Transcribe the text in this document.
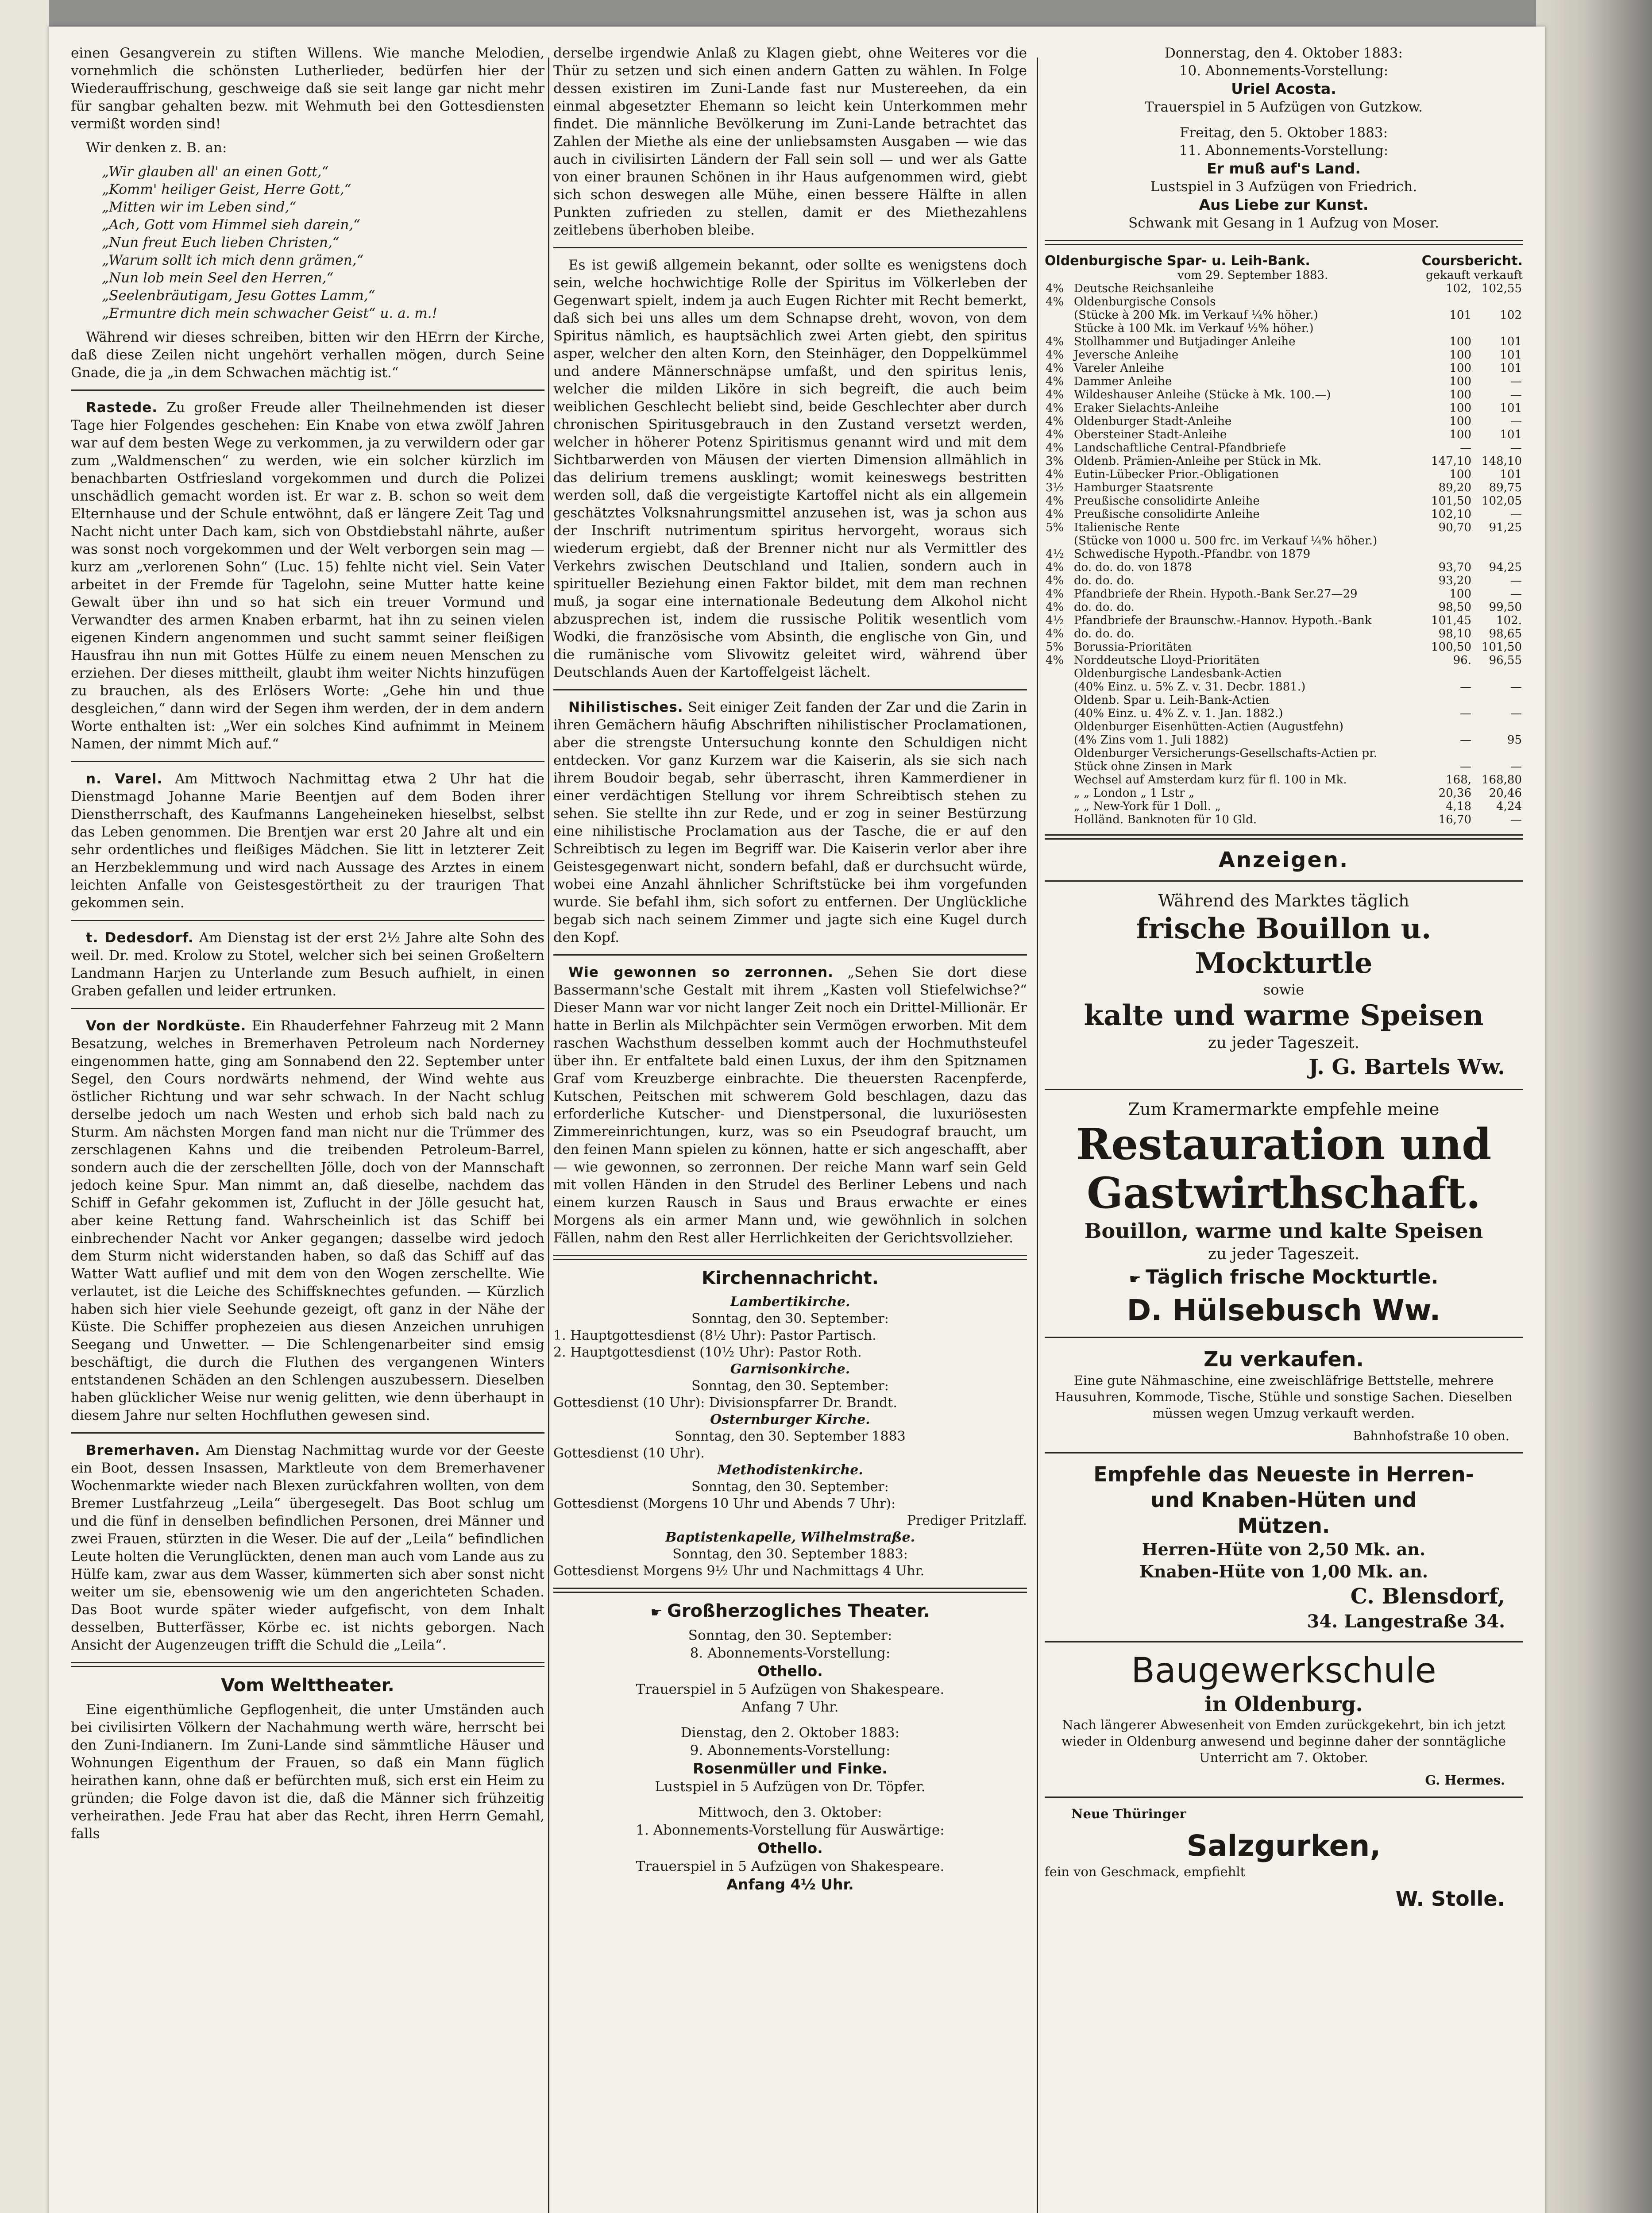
einen Gesangverein zu stiften Willens. Wie manche Melodien, vornehmlich die schönsten Lutherlieder, bedürfen hier der Wiederauffrischung, geschweige daß sie seit lange gar nicht mehr für sangbar gehalten bezw. mit Wehmuth bei den Gottesdiensten vermißt worden sind!

Wir denken z. B. an:

„Wir glauben all' an einen Gott,“
„Komm' heiliger Geist, Herre Gott,“
„Mitten wir im Leben sind,“
„Ach, Gott vom Himmel sieh darein,“
„Nun freut Euch lieben Christen,“
„Warum sollt ich mich denn grämen,“
„Nun lob mein Seel den Herren,“
„Seelenbräutigam, Jesu Gottes Lamm,“
„Ermuntre dich mein schwacher Geist“ u. a. m.!

Während wir dieses schreiben, bitten wir den HErrn der Kirche, daß diese Zeilen nicht ungehört verhallen mögen, durch Seine Gnade, die ja „in dem Schwachen mächtig ist.“

Rastede. Zu großer Freude aller Theilnehmenden ist dieser Tage hier Folgendes geschehen: Ein Knabe von etwa zwölf Jahren war auf dem besten Wege zu verkommen, ja zu verwildern oder gar zum „Waldmenschen“ zu werden, wie ein solcher kürzlich im benachbarten Ostfriesland vorgekommen und durch die Polizei unschädlich gemacht worden ist. Er war z. B. schon so weit dem Elternhause und der Schule entwöhnt, daß er längere Zeit Tag und Nacht nicht unter Dach kam, sich von Obstdiebstahl nährte, außer was sonst noch vorgekommen und der Welt verborgen sein mag — kurz am „verlorenen Sohn“ (Luc. 15) fehlte nicht viel. Sein Vater arbeitet in der Fremde für Tagelohn, seine Mutter hatte keine Gewalt über ihn und so hat sich ein treuer Vormund und Verwandter des armen Knaben erbarmt, hat ihn zu seinen vielen eigenen Kindern angenommen und sucht sammt seiner fleißigen Hausfrau ihn nun mit Gottes Hülfe zu einem neuen Menschen zu erziehen. Der dieses mittheilt, glaubt ihm weiter Nichts hinzufügen zu brauchen, als des Erlösers Worte: „Gehe hin und thue desgleichen,“ dann wird der Segen ihm werden, der in dem andern Worte enthalten ist: „Wer ein solches Kind aufnimmt in Meinem Namen, der nimmt Mich auf.“

n. Varel. Am Mittwoch Nachmittag etwa 2 Uhr hat die Dienstmagd Johanne Marie Beentjen auf dem Boden ihrer Dienstherrschaft, des Kaufmanns Langeheineken hieselbst, selbst das Leben genommen. Die Brentjen war erst 20 Jahre alt und ein sehr ordentliches und fleißiges Mädchen. Sie litt in letzterer Zeit an Herzbeklemmung und wird nach Aussage des Arztes in einem leichten Anfalle von Geistesgestörtheit zu der traurigen That gekommen sein.

t. Dedesdorf. Am Dienstag ist der erst 2½ Jahre alte Sohn des weil. Dr. med. Krolow zu Stotel, welcher sich bei seinen Großeltern Landmann Harjen zu Unterlande zum Besuch aufhielt, in einen Graben gefallen und leider ertrunken.

Von der Nordküste. Ein Rhauderfehner Fahrzeug mit 2 Mann Besatzung, welches in Bremerhaven Petroleum nach Norderney eingenommen hatte, ging am Sonnabend den 22. September unter Segel, den Cours nordwärts nehmend, der Wind wehte aus östlicher Richtung und war sehr schwach. In der Nacht schlug derselbe jedoch um nach Westen und erhob sich bald nach zu Sturm. Am nächsten Morgen fand man nicht nur die Trümmer des zerschlagenen Kahns und die treibenden Petroleum-Barrel, sondern auch die der zerschellten Jölle, doch von der Mannschaft jedoch keine Spur. Man nimmt an, daß dieselbe, nachdem das Schiff in Gefahr gekommen ist, Zuflucht in der Jölle gesucht hat, aber keine Rettung fand. Wahrscheinlich ist das Schiff bei einbrechender Nacht vor Anker gegangen; dasselbe wird jedoch dem Sturm nicht widerstanden haben, so daß das Schiff auf das Watter Watt auflief und mit dem von den Wogen zerschellte. Wie verlautet, ist die Leiche des Schiffsknechtes gefunden. — Kürzlich haben sich hier viele Seehunde gezeigt, oft ganz in der Nähe der Küste. Die Schiffer prophezeien aus diesen Anzeichen unruhigen Seegang und Unwetter. — Die Schlengenarbeiter sind emsig beschäftigt, die durch die Fluthen des vergangenen Winters entstandenen Schäden an den Schlengen auszubessern. Dieselben haben glücklicher Weise nur wenig gelitten, wie denn überhaupt in diesem Jahre nur selten Hochfluthen gewesen sind.

Bremerhaven. Am Dienstag Nachmittag wurde vor der Geeste ein Boot, dessen Insassen, Marktleute von dem Bremerhavener Wochenmarkte wieder nach Blexen zurückfahren wollten, von dem Bremer Lustfahrzeug „Leila“ übergesegelt. Das Boot schlug um und die fünf in denselben befindlichen Personen, drei Männer und zwei Frauen, stürzten in die Weser. Die auf der „Leila“ befindlichen Leute holten die Verunglückten, denen man auch vom Lande aus zu Hülfe kam, zwar aus dem Wasser, kümmerten sich aber sonst nicht weiter um sie, ebensowenig wie um den angerichteten Schaden. Das Boot wurde später wieder aufgefischt, von dem Inhalt desselben, Butterfässer, Körbe ec. ist nichts geborgen. Nach Ansicht der Augenzeugen trifft die Schuld die „Leila“.

Vom Welttheater.

Eine eigenthümliche Gepflogenheit, die unter Umständen auch bei civilisirten Völkern der Nachahmung werth wäre, herrscht bei den Zuni-Indianern. Im Zuni-Lande sind sämmtliche Häuser und Wohnungen Eigenthum der Frauen, so daß ein Mann füglich heirathen kann, ohne daß er befürchten muß, sich erst ein Heim zu gründen; die Folge davon ist die, daß die Männer sich frühzeitig verheirathen. Jede Frau hat aber das Recht, ihren Herrn Gemahl, falls

derselbe irgendwie Anlaß zu Klagen giebt, ohne Weiteres vor die Thür zu setzen und sich einen andern Gatten zu wählen. In Folge dessen existiren im Zuni-Lande fast nur Mustereehen, da ein einmal abgesetzter Ehemann so leicht kein Unterkommen mehr findet. Die männliche Bevölkerung im Zuni-Lande betrachtet das Zahlen der Miethe als eine der unliebsamsten Ausgaben — wie das auch in civilisirten Ländern der Fall sein soll — und wer als Gatte von einer braunen Schönen in ihr Haus aufgenommen wird, giebt sich schon deswegen alle Mühe, einen bessere Hälfte in allen Punkten zufrieden zu stellen, damit er des Miethezahlens zeitlebens überhoben bleibe.

Es ist gewiß allgemein bekannt, oder sollte es wenigstens doch sein, welche hochwichtige Rolle der Spiritus im Völkerleben der Gegenwart spielt, indem ja auch Eugen Richter mit Recht bemerkt, daß sich bei uns alles um dem Schnapse dreht, wovon, von dem Spiritus nämlich, es hauptsächlich zwei Arten giebt, den spiritus asper, welcher den alten Korn, den Steinhäger, den Doppelkümmel und andere Männerschnäpse umfaßt, und den spiritus lenis, welcher die milden Liköre in sich begreift, die auch beim weiblichen Geschlecht beliebt sind, beide Geschlechter aber durch chronischen Spiritusgebrauch in den Zustand versetzt werden, welcher in höherer Potenz Spiritismus genannt wird und mit dem Sichtbarwerden von Mäusen der vierten Dimension allmählich in das delirium tremens ausklingt; womit keineswegs bestritten werden soll, daß die vergeistigte Kartoffel nicht als ein allgemein geschätztes Volksnahrungsmittel anzusehen ist, was ja schon aus der Inschrift nutrimentum spiritus hervorgeht, woraus sich wiederum ergiebt, daß der Brenner nicht nur als Vermittler des Verkehrs zwischen Deutschland und Italien, sondern auch in spiritueller Beziehung einen Faktor bildet, mit dem man rechnen muß, ja sogar eine internationale Bedeutung dem Alkohol nicht abzusprechen ist, indem die russische Politik wesentlich vom Wodki, die französische vom Absinth, die englische von Gin, und die rumänische vom Slivowitz geleitet wird, während über Deutschlands Auen der Kartoffelgeist lächelt.

Nihilistisches. Seit einiger Zeit fanden der Zar und die Zarin in ihren Gemächern häufig Abschriften nihilistischer Proclamationen, aber die strengste Untersuchung konnte den Schuldigen nicht entdecken. Vor ganz Kurzem war die Kaiserin, als sie sich nach ihrem Boudoir begab, sehr überrascht, ihren Kammerdiener in einer verdächtigen Stellung vor ihrem Schreibtisch stehen zu sehen. Sie stellte ihn zur Rede, und er zog in seiner Bestürzung eine nihilistische Proclamation aus der Tasche, die er auf den Schreibtisch zu legen im Begriff war. Die Kaiserin verlor aber ihre Geistesgegenwart nicht, sondern befahl, daß er durchsucht würde, wobei eine Anzahl ähnlicher Schriftstücke bei ihm vorgefunden wurde. Sie befahl ihm, sich sofort zu entfernen. Der Unglückliche begab sich nach seinem Zimmer und jagte sich eine Kugel durch den Kopf.

Wie gewonnen so zerronnen. „Sehen Sie dort diese Bassermann'sche Gestalt mit ihrem „Kasten voll Stiefelwichse?“ Dieser Mann war vor nicht langer Zeit noch ein Drittel-Millionär. Er hatte in Berlin als Milchpächter sein Vermögen erworben. Mit dem raschen Wachsthum desselben kommt auch der Hochmuthsteufel über ihn. Er entfaltete bald einen Luxus, der ihm den Spitznamen Graf vom Kreuzberge einbrachte. Die theuersten Racenpferde, Kutschen, Peitschen mit schwerem Gold beschlagen, dazu das erforderliche Kutscher- und Dienstpersonal, die luxuriösesten Zimmereinrichtungen, kurz, was so ein Pseudograf braucht, um den feinen Mann spielen zu können, hatte er sich angeschafft, aber — wie gewonnen, so zerronnen. Der reiche Mann warf sein Geld mit vollen Händen in den Strudel des Berliner Lebens und nach einem kurzen Rausch in Saus und Braus erwachte er eines Morgens als ein armer Mann und, wie gewöhnlich in solchen Fällen, nahm den Rest aller Herrlichkeiten der Gerichtsvollzieher.

Kirchennachricht.
Lambertikirche.
Sonntag, den 30. September:
1. Hauptgottesdienst (8½ Uhr): Pastor Partisch.
2. Hauptgottesdienst (10½ Uhr): Pastor Roth.
Garnisonkirche.
Sonntag, den 30. September:
Gottesdienst (10 Uhr): Divisionspfarrer Dr. Brandt.
Osternburger Kirche.
Sonntag, den 30. September 1883
Gottesdienst (10 Uhr).
Methodistenkirche.
Sonntag, den 30. September:
Gottesdienst (Morgens 10 Uhr und Abends 7 Uhr):
Prediger Pritzlaff.
Baptistenkapelle, Wilhelmstraße.
Sonntag, den 30. September 1883:
Gottesdienst Morgens 9½ Uhr und Nachmittags 4 Uhr.
☛ Großherzogliches Theater.

Sonntag, den 30. September:

8. Abonnements-Vorstellung:

Othello.

Trauerspiel in 5 Aufzügen von Shakespeare.

Anfang 7 Uhr.

Dienstag, den 2. Oktober 1883:

9. Abonnements-Vorstellung:

Rosenmüller und Finke.

Lustspiel in 5 Aufzügen von Dr. Töpfer.

Mittwoch, den 3. Oktober:

1. Abonnements-Vorstellung für Auswärtige:

Othello.

Trauerspiel in 5 Aufzügen von Shakespeare.

Anfang 4½ Uhr.

Donnerstag, den 4. Oktober 1883:

10. Abonnements-Vorstellung:

Uriel Acosta.

Trauerspiel in 5 Aufzügen von Gutzkow.

Freitag, den 5. Oktober 1883:

11. Abonnements-Vorstellung:

Er muß auf's Land.

Lustspiel in 3 Aufzügen von Friedrich.

Aus Liebe zur Kunst.

Schwank mit Gesang in 1 Aufzug von Moser.

Oldenburgische Spar- u. Leih-Bank.	Coursbericht.
vom 29. September 1883.	gekauft verkauft
4%	Deutsche Reichsanleihe	102,	102,55
4%	Oldenburgische Consols		
	(Stücke à 200 Mk. im Verkauf ¼% höher.)	101	102
	Stücke à 100 Mk. im Verkauf ½% höher.)		
4%	Stollhammer und Butjadinger Anleihe	100	101
4%	Jeversche Anleihe	100	101
4%	Vareler Anleihe	100	101
4%	Dammer Anleihe	100	—
4%	Wildeshauser Anleihe (Stücke à Mk. 100.—)	100	—
4%	Eraker Sielachts-Anleihe	100	101
4%	Oldenburger Stadt-Anleihe	100	—
4%	Obersteiner Stadt-Anleihe	100	101
4%	Landschaftliche Central-Pfandbriefe	—	—
3%	Oldenb. Prämien-Anleihe per Stück in Mk.	147,10	148,10
4%	Eutin-Lübecker Prior.-Obligationen	100	101
3½	Hamburger Staatsrente	89,20	89,75
4%	Preußische consolidirte Anleihe	101,50	102,05
4%	Preußische consolidirte Anleihe	102,10	—
5%	Italienische Rente	90,70	91,25
	(Stücke von 1000 u. 500 frc. im Verkauf ¼% höher.)		
4½	Schwedische Hypoth.-Pfandbr. von 1879		
4%	do. do. do. von 1878	93,70	94,25
4%	do. do. do.	93,20	—
4%	Pfandbriefe der Rhein. Hypoth.-Bank Ser.27—29	100	—
4%	do. do. do.	98,50	99,50
4½	Pfandbriefe der Braunschw.-Hannov. Hypoth.-Bank	101,45	102.
4%	do. do. do.	98,10	98,65
5%	Borussia-Prioritäten	100,50	101,50
4%	Norddeutsche Lloyd-Prioritäten	96.	96,55
	Oldenburgische Landesbank-Actien		
	(40% Einz. u. 5% Z. v. 31. Decbr. 1881.)	—	—
	Oldenb. Spar u. Leih-Bank-Actien		
	(40% Einz. u. 4% Z. v. 1. Jan. 1882.)	—	—
	Oldenburger Eisenhütten-Actien (Augustfehn)		
	(4% Zins vom 1. Juli 1882)	—	95
	Oldenburger Versicherungs-Gesellschafts-Actien pr.		
	Stück ohne Zinsen in Mark	—	—
	Wechsel auf Amsterdam kurz für fl. 100 in Mk.	168,	168,80
	„ „ London „ 1 Lstr „	20,36	20,46
	„ „ New-York für 1 Doll. „	4,18	4,24
	Holländ. Banknoten für 10 Gld.	16,70	—
Anzeigen.

Während des Marktes täglich

frische Bouillon u. Mockturtle

sowie

kalte und warme Speisen

zu jeder Tageszeit.

J. G. Bartels Ww.

Zum Kramermarkte empfehle meine

Restauration und

Gastwirthschaft.

Bouillon, warme und kalte Speisen

zu jeder Tageszeit.

☛ Täglich frische Mockturtle.

D. Hülsebusch Ww.

Zu verkaufen.

Eine gute Nähmaschine, eine zweischläfrige Bettstelle, mehrere Hausuhren, Kommode, Tische, Stühle und sonstige Sachen. Dieselben müssen wegen Umzug verkauft werden.

Bahnhofstraße 10 oben.

Empfehle das Neueste in Herren-

und Knaben-Hüten und

Mützen.

Herren-Hüte von 2,50 Mk. an.

Knaben-Hüte von 1,00 Mk. an.

C. Blensdorf,

34. Langestraße 34.

Baugewerkschule

in Oldenburg.

Nach längerer Abwesenheit von Emden zurückgekehrt, bin ich jetzt wieder in Oldenburg anwesend und beginne daher der sonntägliche Unterricht am 7. Oktober.

G. Hermes.

Neue Thüringer

Salzgurken,

fein von Geschmack, empfiehlt

W. Stolle.
